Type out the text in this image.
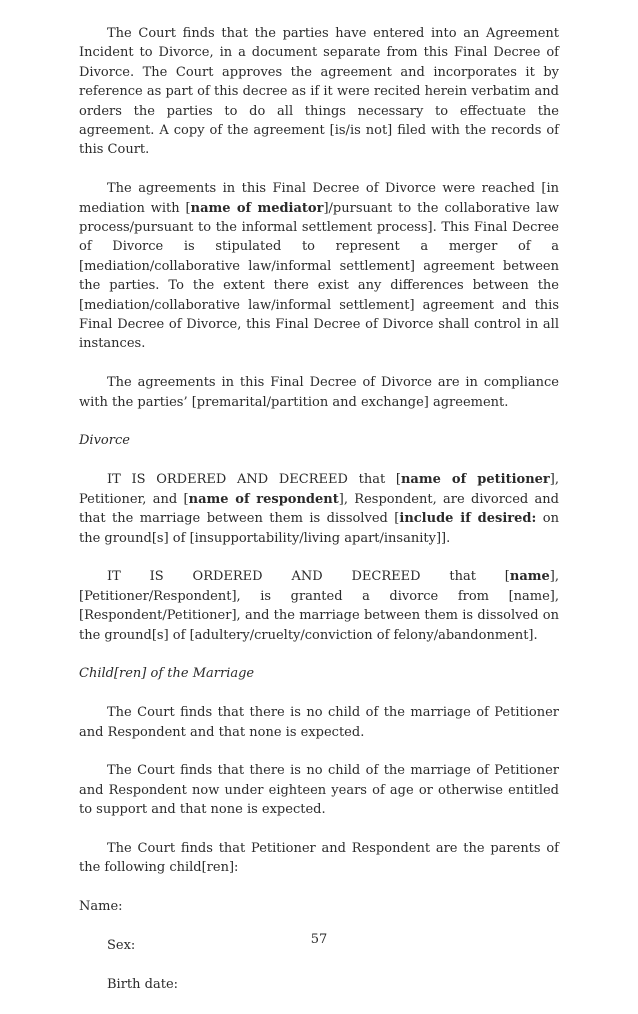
The Court finds that the parties have entered into an Agreement Incident to Divorce, in a document separate from this Final Decree of Divorce. The Court approves the agreement and incorporates it by reference as part of this decree as if it were recited herein verbatim and orders the parties to do all things necessary to effectuate the agreement. A copy of the agreement [is/is not] filed with the records of this Court.

The agreements in this Final Decree of Divorce were reached [in mediation with [name of mediator]/pursuant to the collaborative law process/pursuant to the informal settlement process]. This Final Decree of Divorce is stipulated to represent a merger of a [mediation/collaborative law/informal settlement] agreement between the parties. To the extent there exist any differences between the [mediation/collaborative law/informal settlement] agreement and this Final Decree of Divorce, this Final Decree of Divorce shall control in all instances.

The agreements in this Final Decree of Divorce are in compliance with the parties’ [premarital/partition and exchange] agreement.

Divorce

IT IS ORDERED AND DECREED that [name of petitioner], Petitioner, and [name of respondent], Respondent, are divorced and that the marriage between them is dissolved [include if desired: on the ground[s] of [insupportability/living apart/insanity]].

IT IS ORDERED AND DECREED that [name], [Petitioner/Respondent], is granted a divorce from [name], [Respondent/Petitioner], and the marriage between them is dissolved on the ground[s] of [adultery/cruelty/conviction of felony/abandonment].

Child[ren] of the Marriage

The Court finds that there is no child of the marriage of Petitioner and Respondent and that none is expected.

The Court finds that there is no child of the marriage of Petitioner and Respondent now under eighteen years of age or otherwise entitled to support and that none is expected.

The Court finds that Petitioner and Respondent are the parents of the following child[ren]:

Name:

Sex:

Birth date:

57
